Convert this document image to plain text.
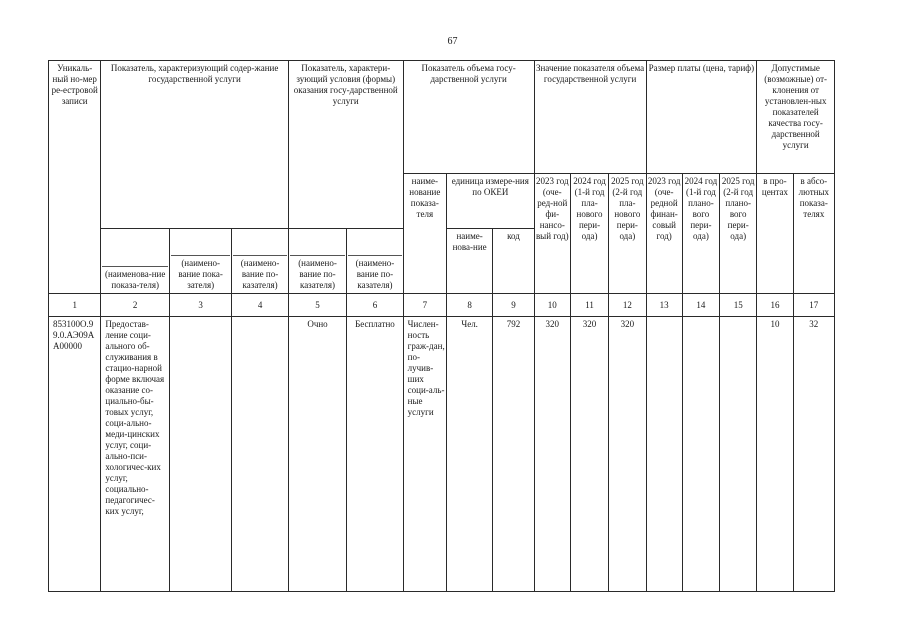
67
Уникаль-ный но-мер ре-естровой записи	Показатель, характеризующий содер-жание государственной услуги			Показатель, характери-зующий условия (формы) оказания госу-дарственной услуги		Показатель объема госу-дарственной услуги			Значение показателя объема государственной услуги			Размер платы (цена, тариф)			Допустимые (возможные) от-клонения от установлен-ных показателей качества госу-дарственной услуги	
						наиме-нование показа-теля	единица измере-ния по ОКЕИ		2023 год (оче-ред-ной фи-нансо-вый год)	2024 год (1-й год пла-нового пери-ода)	2025 год (2-й год пла-нового пери-ода)	2023 год (оче-редной финан-совый год)	2024 год (1-й год плано-вого пери-ода)	2025 год (2-й год плано-вого пери-ода)	в про-центах	в абсо-лютных показа-телях
	(наименова-ние показа-теля)	(наимено-вание пока-зателя)	(наимено-вание по-казателя)	(наимено-вание по-казателя)	(наимено-вание по-казателя)		наиме-нова-ние	код								
1	2	3	4	5	6	7	8	9	10	11	12	13	14	15	16	17
853100О.99.0.АЭ09АА00000	Предостав-ление соци-ального об-служивания в стацио-нарной форме включая оказание со-циально-бы-товых услуг, соци-ально-меди-цинских услуг, соци-ально-пси-хологичес-ких услуг, социально-педагогичес-ких услуг,			Очно	Бесплатно	Числен-ность граж-дан, по-лучив-ших соци-аль-ные услуги	Чел.	792	320	320	320				10	32
